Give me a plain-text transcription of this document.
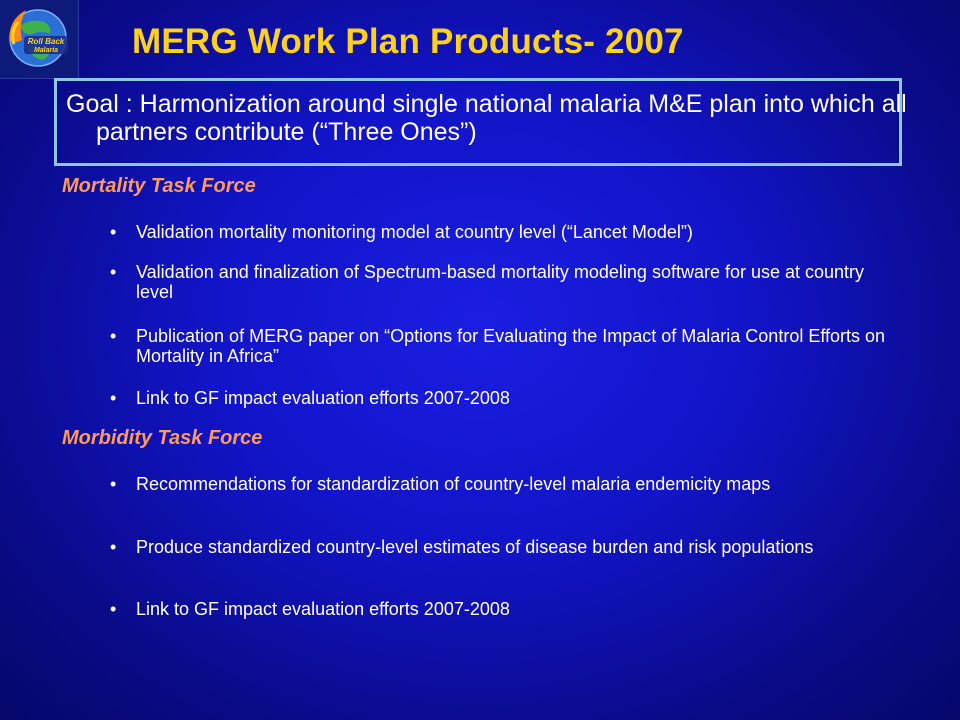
Roll Back
Malaria MERG Work Plan Products- 2007
Goal : Harmonization around single national malaria M&E plan into which all partners contribute (“Three Ones”)
Mortality Task Force
• Validation mortality monitoring model at country level (“Lancet Model”)
• Validation and finalization of Spectrum-based mortality modeling software for use at country level
• Publication of MERG paper on “Options for Evaluating the Impact of Malaria Control Efforts on Mortality in Africa”
• Link to GF impact evaluation efforts 2007-2008
Morbidity Task Force
• Recommendations for standardization of country-level malaria endemicity maps
• Produce standardized country-level estimates of disease burden and risk populations
• Link to GF impact evaluation efforts 2007-2008
